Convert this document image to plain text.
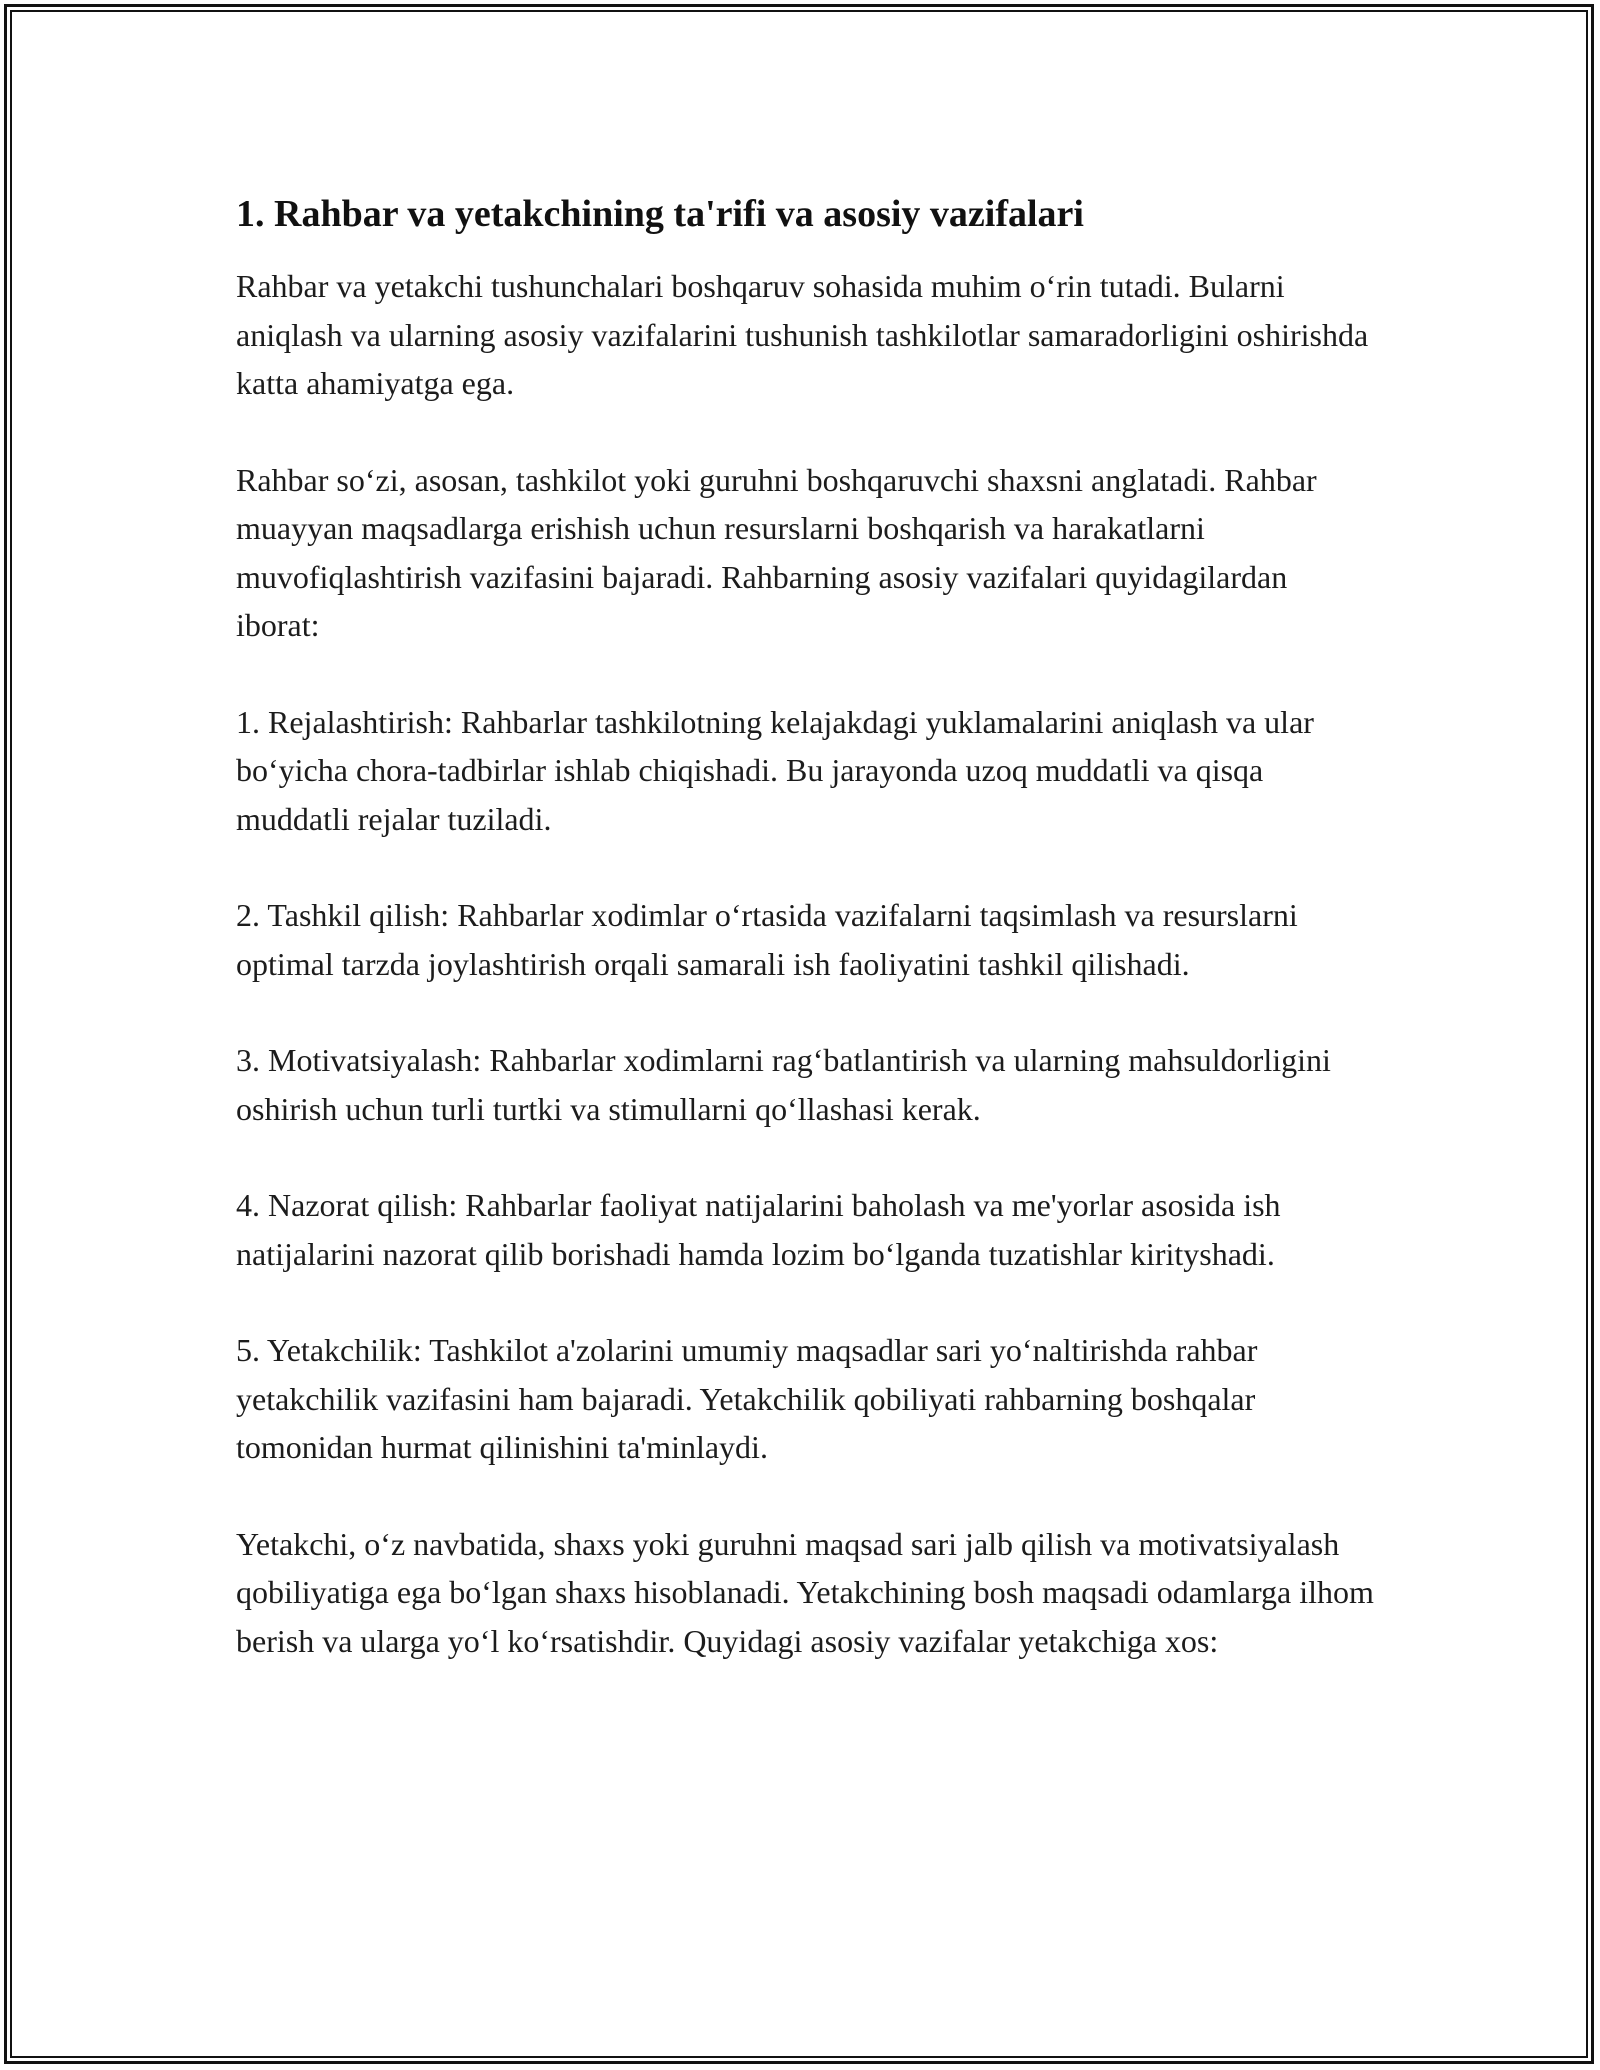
1. Rahbar va yetakchining ta'rifi va asosiy vazifalari

Rahbar va yetakchi tushunchalari boshqaruv sohasida muhim o‘rin tutadi. Bularni aniqlash va ularning asosiy vazifalarini tushunish tashkilotlar samaradorligini oshirishda katta ahamiyatga ega.

Rahbar so‘zi, asosan, tashkilot yoki guruhni boshqaruvchi shaxsni anglatadi. Rahbar muayyan maqsadlarga erishish uchun resurslarni boshqarish va harakatlarni muvofiqlashtirish vazifasini bajaradi. Rahbarning asosiy vazifalari quyidagilardan iborat:

1. Rejalashtirish: Rahbarlar tashkilotning kelajakdagi yuklamalarini aniqlash va ular bo‘yicha chora-tadbirlar ishlab chiqishadi. Bu jarayonda uzoq muddatli va qisqa muddatli rejalar tuziladi.

2. Tashkil qilish: Rahbarlar xodimlar o‘rtasida vazifalarni taqsimlash va resurslarni optimal tarzda joylashtirish orqali samarali ish faoliyatini tashkil qilishadi.

3. Motivatsiyalash: Rahbarlar xodimlarni rag‘batlantirish va ularning mahsuldorligini oshirish uchun turli turtki va stimullarni qo‘llashasi kerak.

4. Nazorat qilish: Rahbarlar faoliyat natijalarini baholash va me'yorlar asosida ish natijalarini nazorat qilib borishadi hamda lozim bo‘lganda tuzatishlar kirityshadi.

5. Yetakchilik: Tashkilot a'zolarini umumiy maqsadlar sari yo‘naltirishda rahbar yetakchilik vazifasini ham bajaradi. Yetakchilik qobiliyati rahbarning boshqalar tomonidan hurmat qilinishini ta'minlaydi.

Yetakchi, o‘z navbatida, shaxs yoki guruhni maqsad sari jalb qilish va motivatsiyalash qobiliyatiga ega bo‘lgan shaxs hisoblanadi. Yetakchining bosh maqsadi odamlarga ilhom berish va ularga yo‘l ko‘rsatishdir. Quyidagi asosiy vazifalar yetakchiga xos:
